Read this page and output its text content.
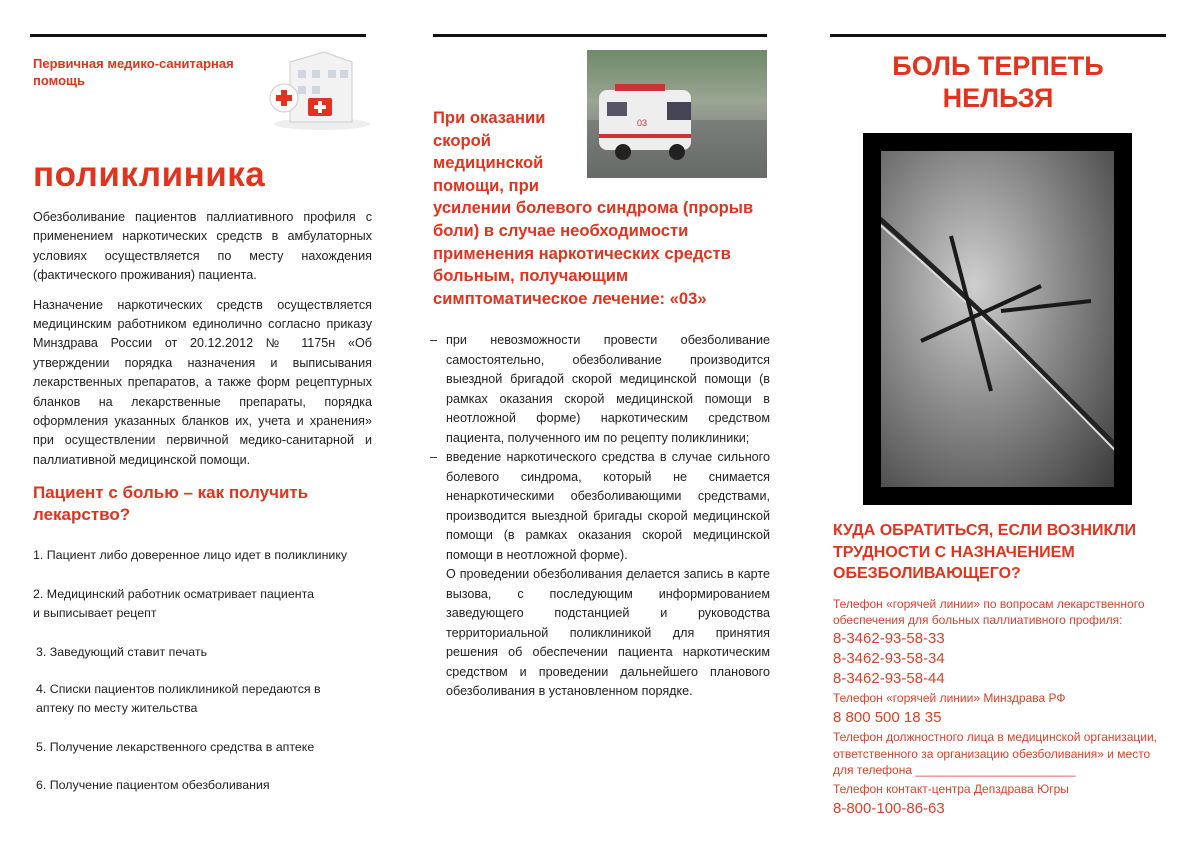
Первичная медико-санитарная помощь
поликлиника
Обезболивание пациентов паллиативного профиля с применением наркотических средств в амбулаторных условиях осуществляется по месту нахождения (фактического проживания) пациента.
Назначение наркотических средств осуществляется медицинским работником единолично согласно приказу Минздрава России от 20.12.2012 № 1175н «Об утверждении порядка назначения и выписывания лекарственных препаратов, а также форм рецептурных бланков на лекарственные препараты, порядка оформления указанных бланков их, учета и хранения» при осуществлении первичной медико-санитарной и паллиативной медицинской помощи.
Пациент с болью – как получить лекарство?
1. Пациент либо доверенное лицо идет в поликлинику
2. Медицинский работник осматривает пациента и выписывает рецепт
3. Заведующий ставит печать
4. Списки пациентов поликлиникой передаются в аптеку по месту жительства
5. Получение лекарственного средства в аптеке
6. Получение пациентом обезболивания
03
При оказании скорой медицинской помощи, при усилении болевого синдрома (прорыв боли) в случае необходимости применения наркотических средств больным, получающим симптоматическое лечение: «03»
– при невозможности провести обезболивание самостоятельно, обезболивание производится выездной бригадой скорой медицинской помощи (в рамках оказания скорой медицинской помощи в неотложной форме) наркотическим средством пациента, полученного им по рецепту поликлиники;
– введение наркотического средства в случае сильного болевого синдрома, который не снимается ненаркотическими обезболивающими средствами, производится выездной бригады скорой медицинской помощи (в рамках оказания скорой медицинской помощи в неотложной форме).
О проведении обезболивания делается запись в карте вызова, с последующим информированием заведующего подстанцией и руководства территориальной поликлиникой для принятия решения об обеспечении пациента наркотическим средством и проведении дальнейшего планового обезболивания в установленном порядке.
БОЛЬ ТЕРПЕТЬ НЕЛЬЗЯ
КУДА ОБРАТИТЬСЯ, ЕСЛИ ВОЗНИКЛИ ТРУДНОСТИ С НАЗНАЧЕНИЕМ ОБЕЗБОЛИВАЮЩЕГО?
Телефон «горячей линии» по вопросам лекарственного обеспечения для больных паллиативного профиля:
8-3462-93-58-33
8-3462-93-58-34
8-3462-93-58-44
Телефон «горячей линии» Минздрава РФ
8 800 500 18 35
Телефон должностного лица в медицинской организации, ответственного за организацию обезболивания» и место для телефона ________________________
Телефон контакт-центра Депздрава Югры
8-800-100-86-63
